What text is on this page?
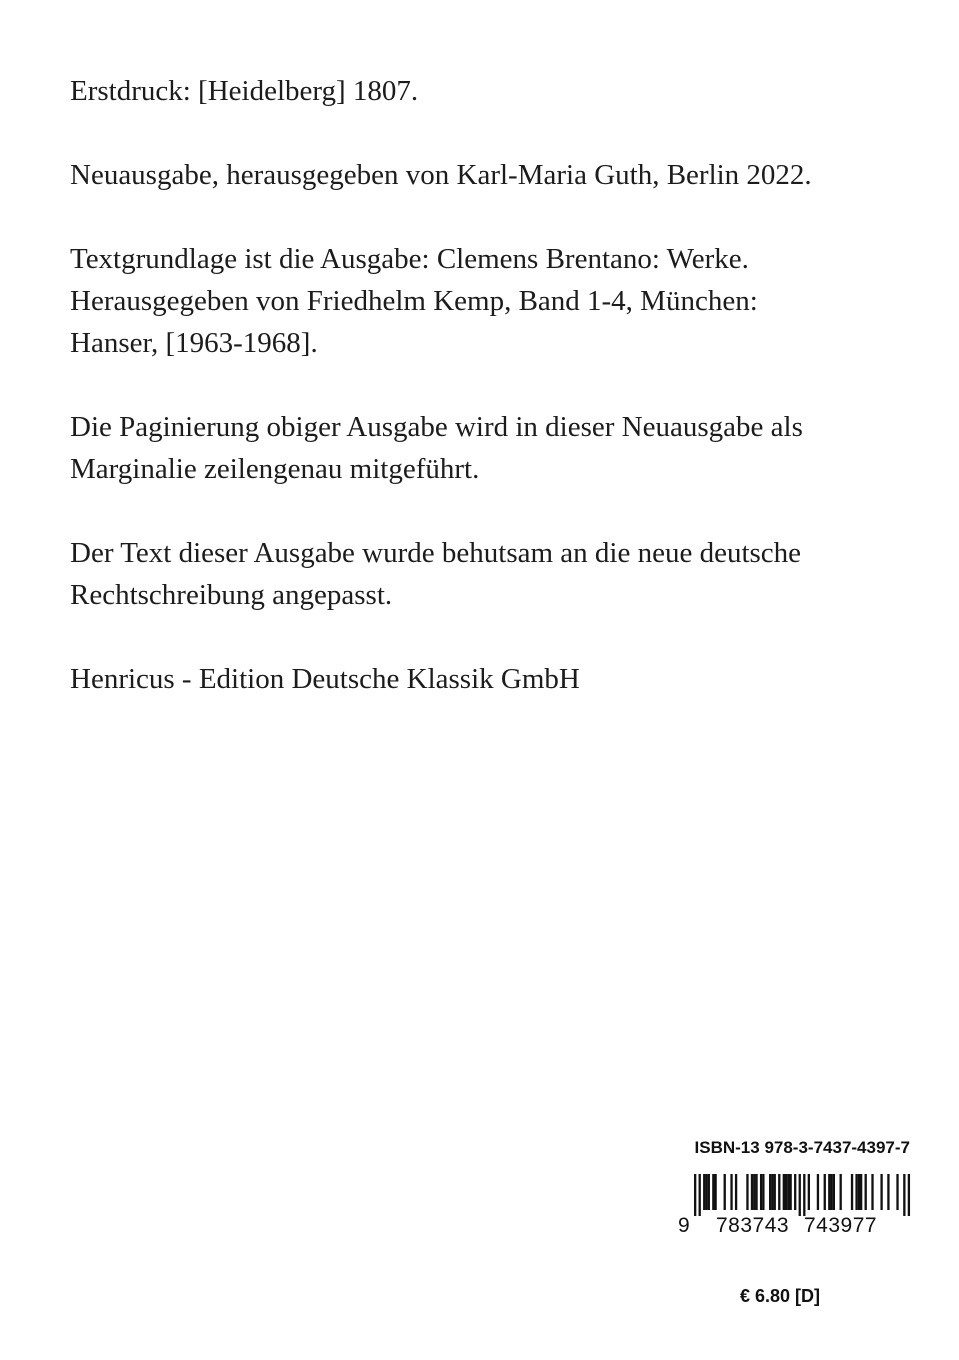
Erstdruck: [Heidelberg] 1807.

Neuausgabe, herausgegeben von Karl-Maria Guth, Berlin 2022.

Textgrundlage ist die Ausgabe: Clemens Brentano: Werke.
Herausgegeben von Friedhelm Kemp, Band 1-4, München:
Hanser, [1963-1968].

Die Paginierung obiger Ausgabe wird in dieser Neuausgabe als
Marginalie zeilengenau mitgeführt.

Der Text dieser Ausgabe wurde behutsam an die neue deutsche
Rechtschreibung angepasst.

Henricus - Edition Deutsche Klassik GmbH

ISBN-13 978-3-7437-4397-7
9 783743 743977
€ 6.80 [D]
